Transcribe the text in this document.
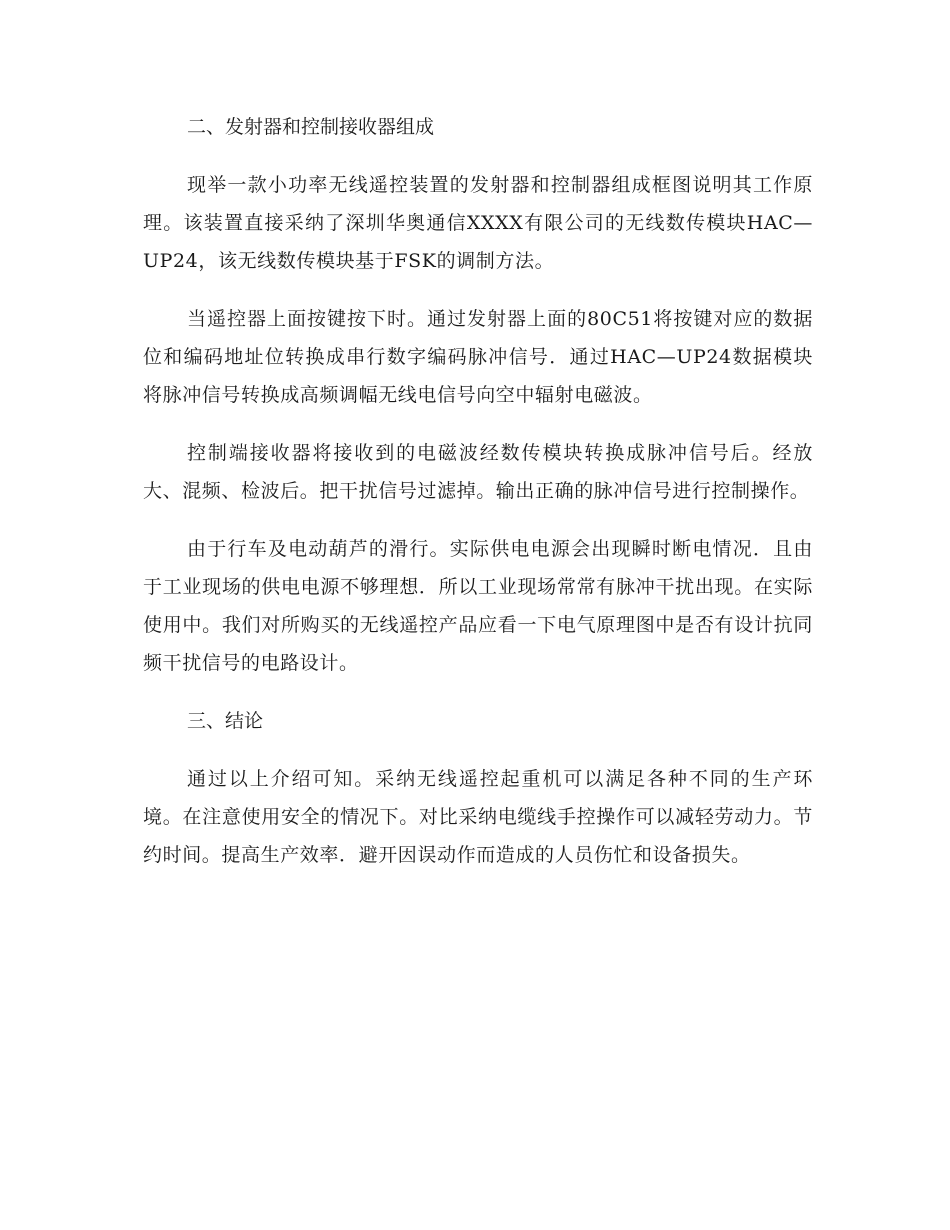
二、发射器和控制接收器组成

现举一款小功率无线遥控装置的发射器和控制器组成框图说明其工作原理。该装置直接采纳了深圳华奥通信XXXX有限公司的无线数传模块HAC—UP24，该无线数传模块基于FSK的调制方法。

当遥控器上面按键按下时。通过发射器上面的80C51将按键对应的数据位和编码地址位转换成串行数字编码脉冲信号．通过HAC—UP24数据模块将脉冲信号转换成高频调幅无线电信号向空中辐射电磁波。

控制端接收器将接收到的电磁波经数传模块转换成脉冲信号后。经放大、混频、检波后。把干扰信号过滤掉。输出正确的脉冲信号进行控制操作。

由于行车及电动葫芦的滑行。实际供电电源会出现瞬时断电情况．且由于工业现场的供电电源不够理想．所以工业现场常常有脉冲干扰出现。在实际使用中。我们对所购买的无线遥控产品应看一下电气原理图中是否有设计抗同频干扰信号的电路设计。

三、结论

通过以上介绍可知。采纳无线遥控起重机可以满足各种不同的生产环境。在注意使用安全的情况下。对比采纳电缆线手控操作可以减轻劳动力。节约时间。提高生产效率．避开因误动作而造成的人员伤忙和设备损失。
